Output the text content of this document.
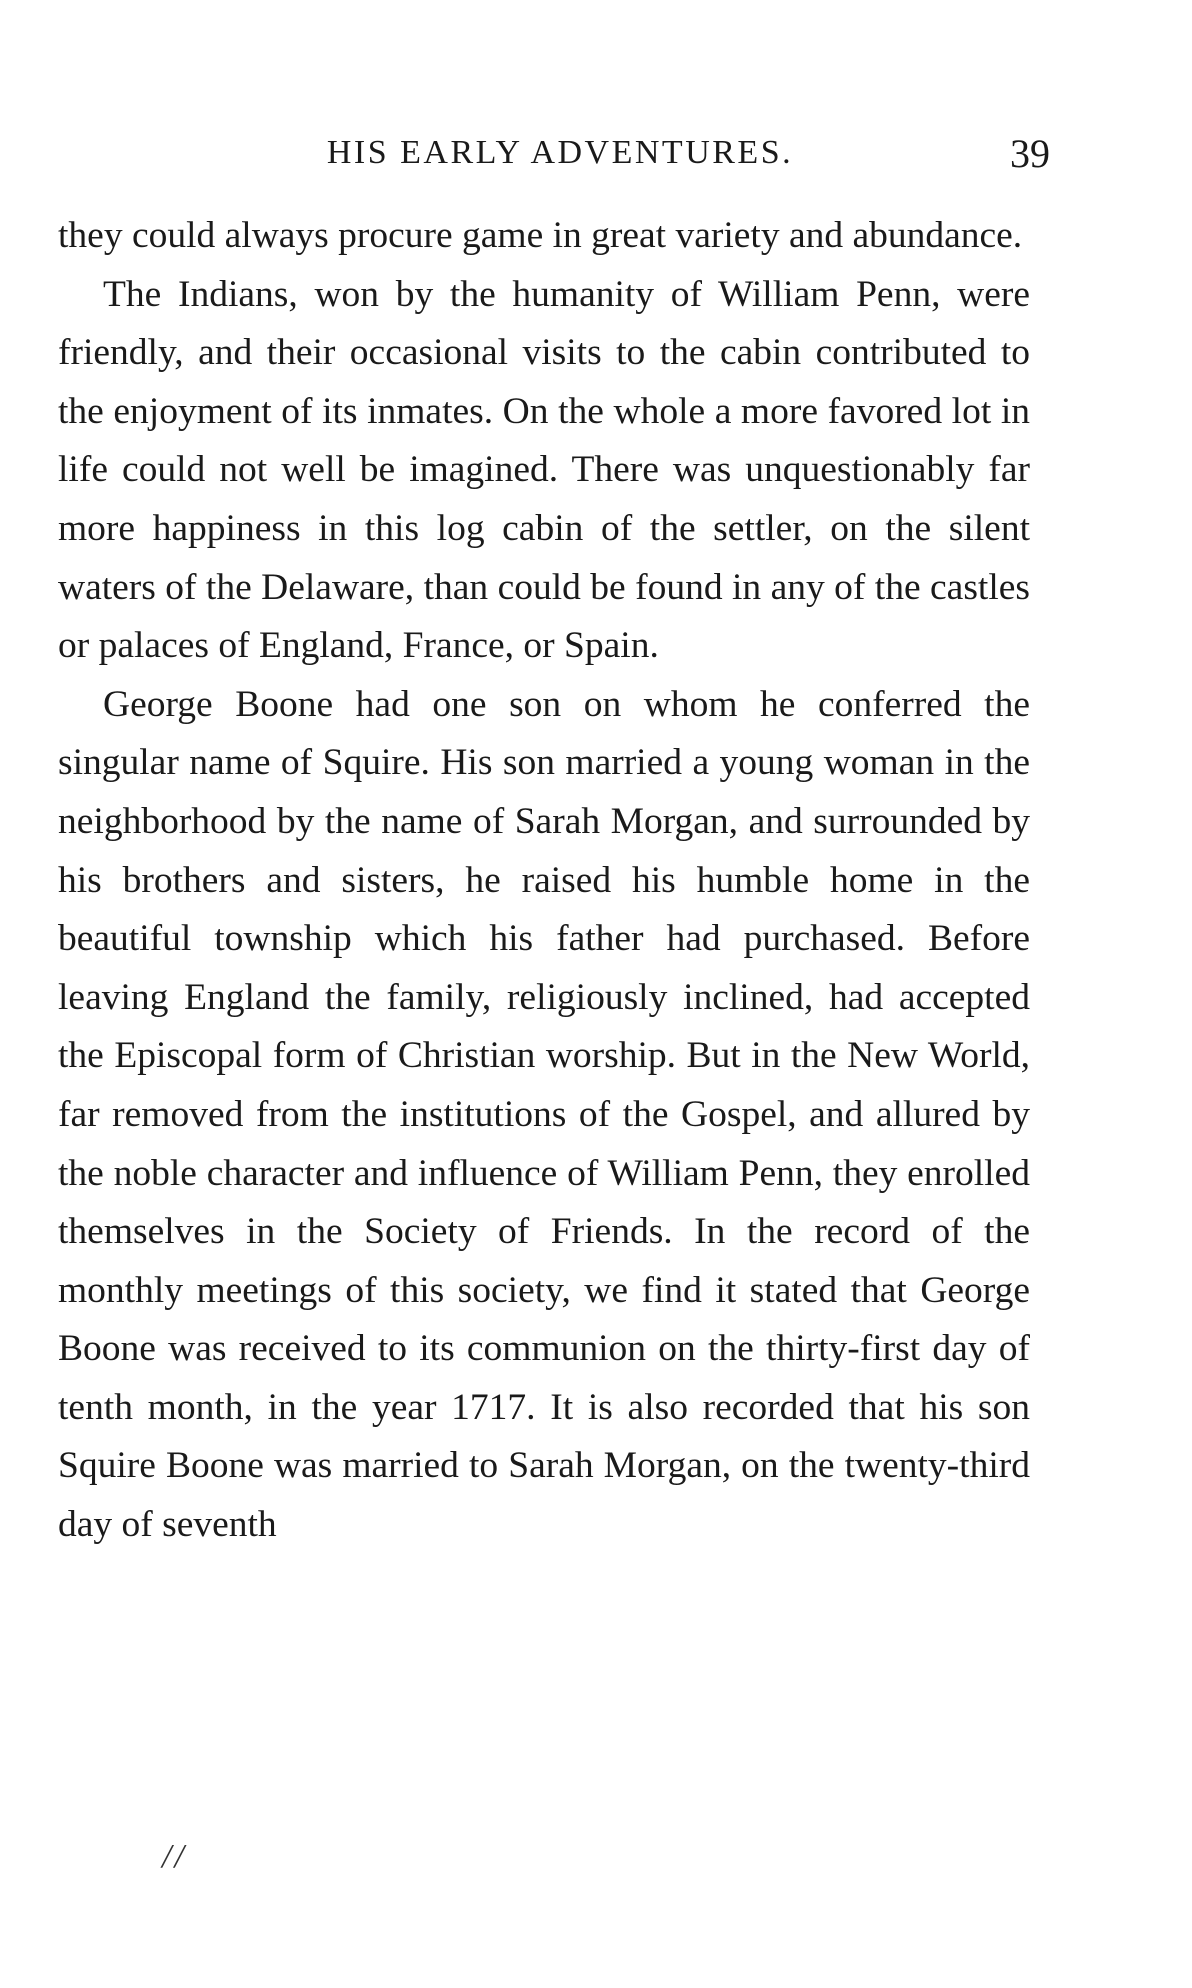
HIS EARLY ADVENTURES.	39

they could always procure game in great variety and abundance.

The Indians, won by the humanity of William Penn, were friendly, and their occasional visits to the cabin contributed to the enjoyment of its inmates. On the whole a more favored lot in life could not well be imagined. There was unquestionably far more happiness in this log cabin of the settler, on the silent waters of the Delaware, than could be found in any of the castles or palaces of England, France, or Spain.

George Boone had one son on whom he conferred the singular name of Squire. His son married a young woman in the neighborhood by the name of Sarah Morgan, and surrounded by his brothers and sisters, he raised his humble home in the beautiful township which his father had purchased. Before leaving England the family, religiously inclined, had accepted the Episcopal form of Christian worship. But in the New World, far removed from the institutions of the Gospel, and allured by the noble character and influence of William Penn, they enrolled themselves in the Society of Friends. In the record of the monthly meetings of this society, we find it stated that George Boone was received to its communion on the thirty-first day of tenth month, in the year 1717. It is also recorded that his son Squire Boone was married to Sarah Morgan, on the twenty-third day of seventh

//
